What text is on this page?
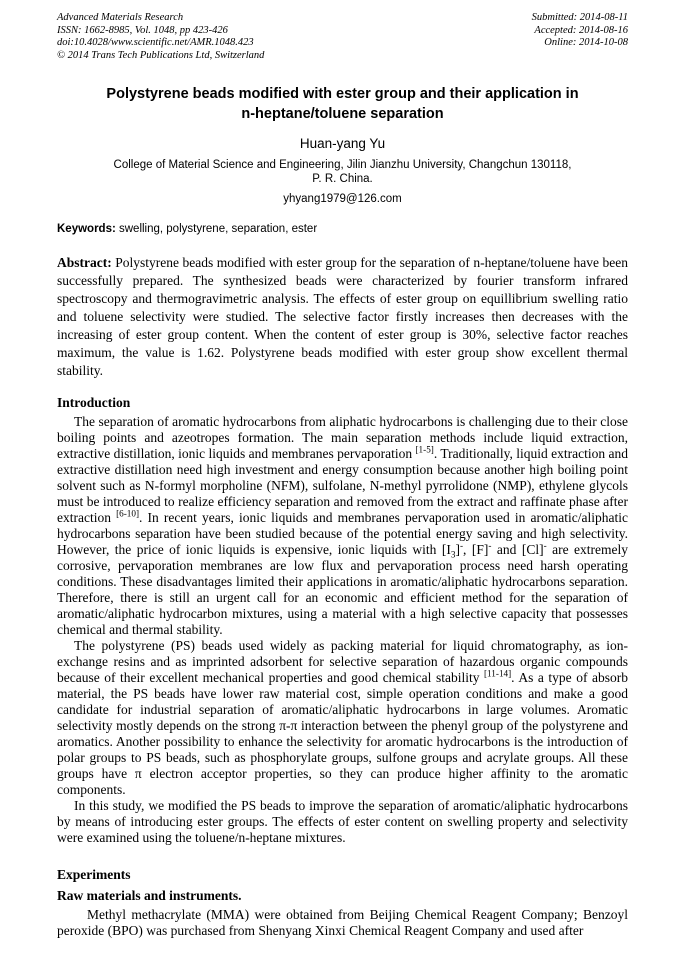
Advanced Materials Research
ISSN: 1662-8985, Vol. 1048, pp 423-426
doi:10.4028/www.scientific.net/AMR.1048.423
© 2014 Trans Tech Publications Ltd, Switzerland
Submitted: 2014-08-11
Accepted: 2014-08-16
Online: 2014-10-08
Polystyrene beads modified with ester group and their application in
n-heptane/toluene separation
Huan-yang Yu
College of Material Science and Engineering, Jilin Jianzhu University, Changchun 130118,
P. R. China.
yhyang1979@126.com
Keywords: swelling, polystyrene, separation, ester

Abstract: Polystyrene beads modified with ester group for the separation of n-heptane/toluene have been successfully prepared. The synthesized beads were characterized by fourier transform infrared spectroscopy and thermogravimetric analysis. The effects of ester group on equillibrium swelling ratio and toluene selectivity were studied. The selective factor firstly increases then decreases with the increasing of ester group content. When the content of ester group is 30%, selective factor reaches maximum, the value is 1.62. Polystyrene beads modified with ester group show excellent thermal stability.

Introduction

The separation of aromatic hydrocarbons from aliphatic hydrocarbons is challenging due to their close boiling points and azeotropes formation. The main separation methods include liquid extraction, extractive distillation, ionic liquids and membranes pervaporation [1-5]. Traditionally, liquid extraction and extractive distillation need high investment and energy consumption because another high boiling point solvent such as N-formyl morpholine (NFM), sulfolane, N-methyl pyrrolidone (NMP), ethylene glycols must be introduced to realize efficiency separation and removed from the extract and raffinate phase after extraction [6-10]. In recent years, ionic liquids and membranes pervaporation used in aromatic/aliphatic hydrocarbons separation have been studied because of the potential energy saving and high selectivity. However, the price of ionic liquids is expensive, ionic liquids with $[I_3]^-$, [F]- and [Cl]- are extremely corrosive, pervaporation membranes are low flux and pervaporation process need harsh operating conditions. These disadvantages limited their applications in aromatic/aliphatic hydrocarbons separation. Therefore, there is still an urgent call for an economic and efficient method for the separation of aromatic/aliphatic hydrocarbon mixtures, using a material with a high selective capacity that possesses chemical and thermal stability.

The polystyrene (PS) beads used widely as packing material for liquid chromatography, as ion-exchange resins and as imprinted adsorbent for selective separation of hazardous organic compounds because of their excellent mechanical properties and good chemical stability [11-14]. As a type of absorb material, the PS beads have lower raw material cost, simple operation conditions and make a good candidate for industrial separation of aromatic/aliphatic hydrocarbons in large volumes. Aromatic selectivity mostly depends on the strong π-π interaction between the phenyl group of the polystyrene and aromatics. Another possibility to enhance the selectivity for aromatic hydrocarbons is the introduction of polar groups to PS beads, such as phosphorylate groups, sulfone groups and acrylate groups. All these groups have π electron acceptor properties, so they can produce higher affinity to the aromatic components.

In this study, we modified the PS beads to improve the separation of aromatic/aliphatic hydrocarbons by means of introducing ester groups. The effects of ester content on swelling property and selectivity were examined using the toluene/n-heptane mixtures.

Experiments
Raw materials and instruments.

Methyl methacrylate (MMA) were obtained from Beijing Chemical Reagent Company; Benzoyl peroxide (BPO) was purchased from Shenyang Xinxi Chemical Reagent Company and used after
